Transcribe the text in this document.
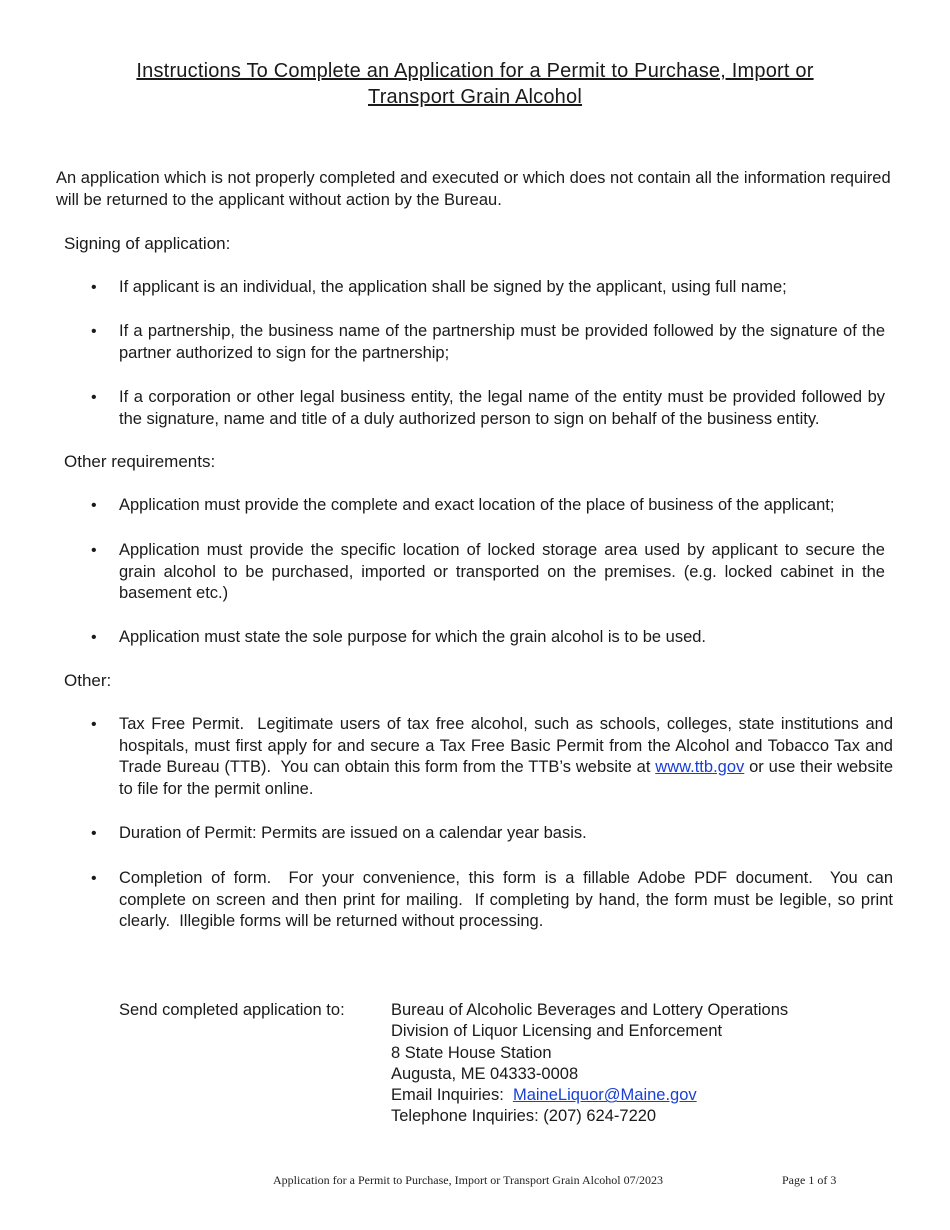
Instructions To Complete an Application for a Permit to Purchase, Import or
Transport Grain Alcohol
An application which is not properly completed and executed or which does not contain all the information required will be returned to the applicant without action by the Bureau.
Signing of application:
• If applicant is an individual, the application shall be signed by the applicant, using full name;
• If a partnership, the business name of the partnership must be provided followed by the signature of the partner authorized to sign for the partnership;
• If a corporation or other legal business entity, the legal name of the entity must be provided followed by the signature, name and title of a duly authorized person to sign on behalf of the business entity.
Other requirements:
• Application must provide the complete and exact location of the place of business of the applicant;
• Application must provide the specific location of locked storage area used by applicant to secure the grain alcohol to be purchased, imported or transported on the premises. (e.g. locked cabinet in the basement etc.)
• Application must state the sole purpose for which the grain alcohol is to be used.
Other:
• Tax Free Permit.  Legitimate users of tax free alcohol, such as schools, colleges, state institutions and hospitals, must first apply for and secure a Tax Free Basic Permit from the Alcohol and Tobacco Tax and Trade Bureau (TTB).  You can obtain this form from the TTB’s website at www.ttb.gov or use their website to file for the permit online.
• Duration of Permit: Permits are issued on a calendar year basis.
• Completion of form.  For your convenience, this form is a fillable Adobe PDF document.  You can complete on screen and then print for mailing.  If completing by hand, the form must be legible, so print clearly.  Illegible forms will be returned without processing.
Send completed application to:	Bureau of Alcoholic Beverages and Lottery Operations
Division of Liquor Licensing and Enforcement
8 State House Station
Augusta, ME 04333-0008
Email Inquiries:  MaineLiquor@Maine.gov
Telephone Inquiries: (207) 624-7220
Application for a Permit to Purchase, Import or Transport Grain Alcohol 07/2023	Page 1 of 3
